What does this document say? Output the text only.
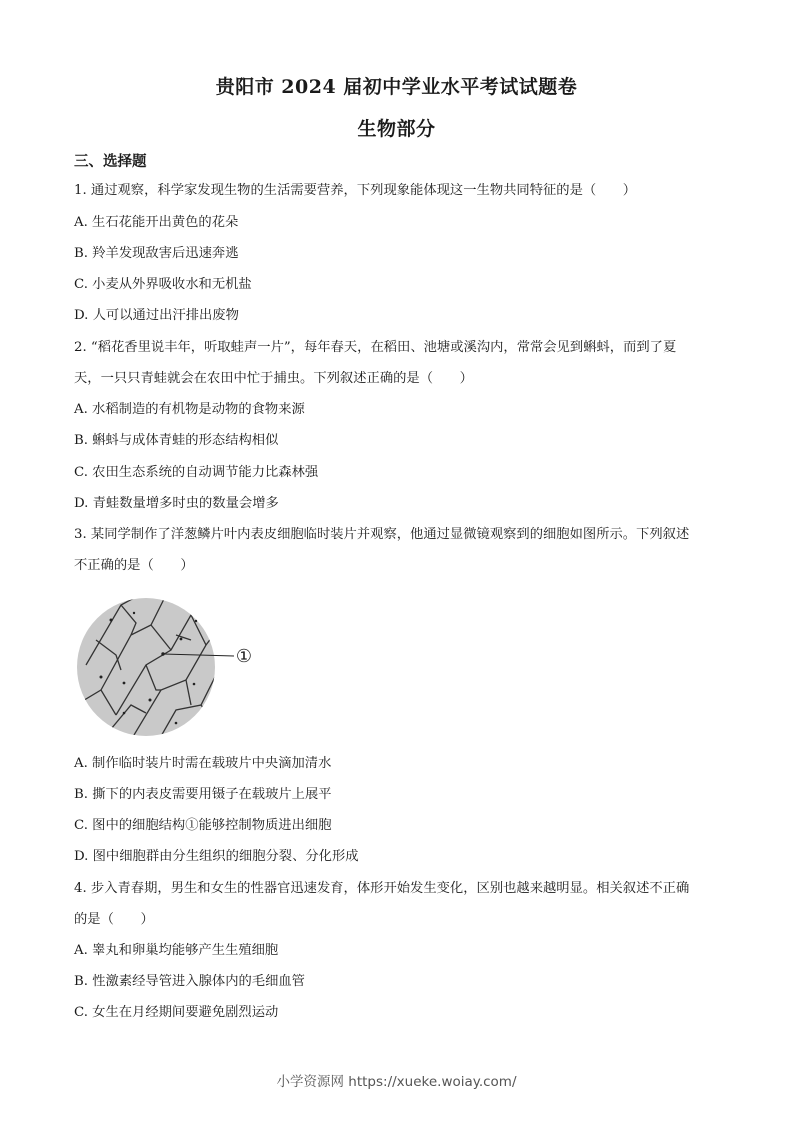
贵阳市 2024 届初中学业水平考试试题卷
生物部分
三、选择题
1. 通过观察，科学家发现生物的生活需要营养，下列现象能体现这一生物共同特征的是（　　）
A. 生石花能开出黄色的花朵
B. 羚羊发现敌害后迅速奔逃
C. 小麦从外界吸收水和无机盐
D. 人可以通过出汗排出废物
2. “稻花香里说丰年，听取蛙声一片”，每年春天，在稻田、池塘或溪沟内，常常会见到蝌蚪，而到了夏
天，一只只青蛙就会在农田中忙于捕虫。下列叙述正确的是（　　）
A. 水稻制造的有机物是动物的食物来源
B. 蝌蚪与成体青蛙的形态结构相似
C. 农田生态系统的自动调节能力比森林强
D. 青蛙数量增多时虫的数量会增多
3. 某同学制作了洋葱鳞片叶内表皮细胞临时装片并观察，他通过显微镜观察到的细胞如图所示。下列叙述
不正确的是（　　）
①
A. 制作临时装片时需在载玻片中央滴加清水
B. 撕下的内表皮需要用镊子在载玻片上展平
C. 图中的细胞结构①能够控制物质进出细胞
D. 图中细胞群由分生组织的细胞分裂、分化形成
4. 步入青春期，男生和女生的性器官迅速发育，体形开始发生变化，区别也越来越明显。相关叙述不正确
的是（　　）
A. 睾丸和卵巢均能够产生生殖细胞
B. 性激素经导管进入腺体内的毛细血管
C. 女生在月经期间要避免剧烈运动
小学资源网 https://xueke.woiay.com/
